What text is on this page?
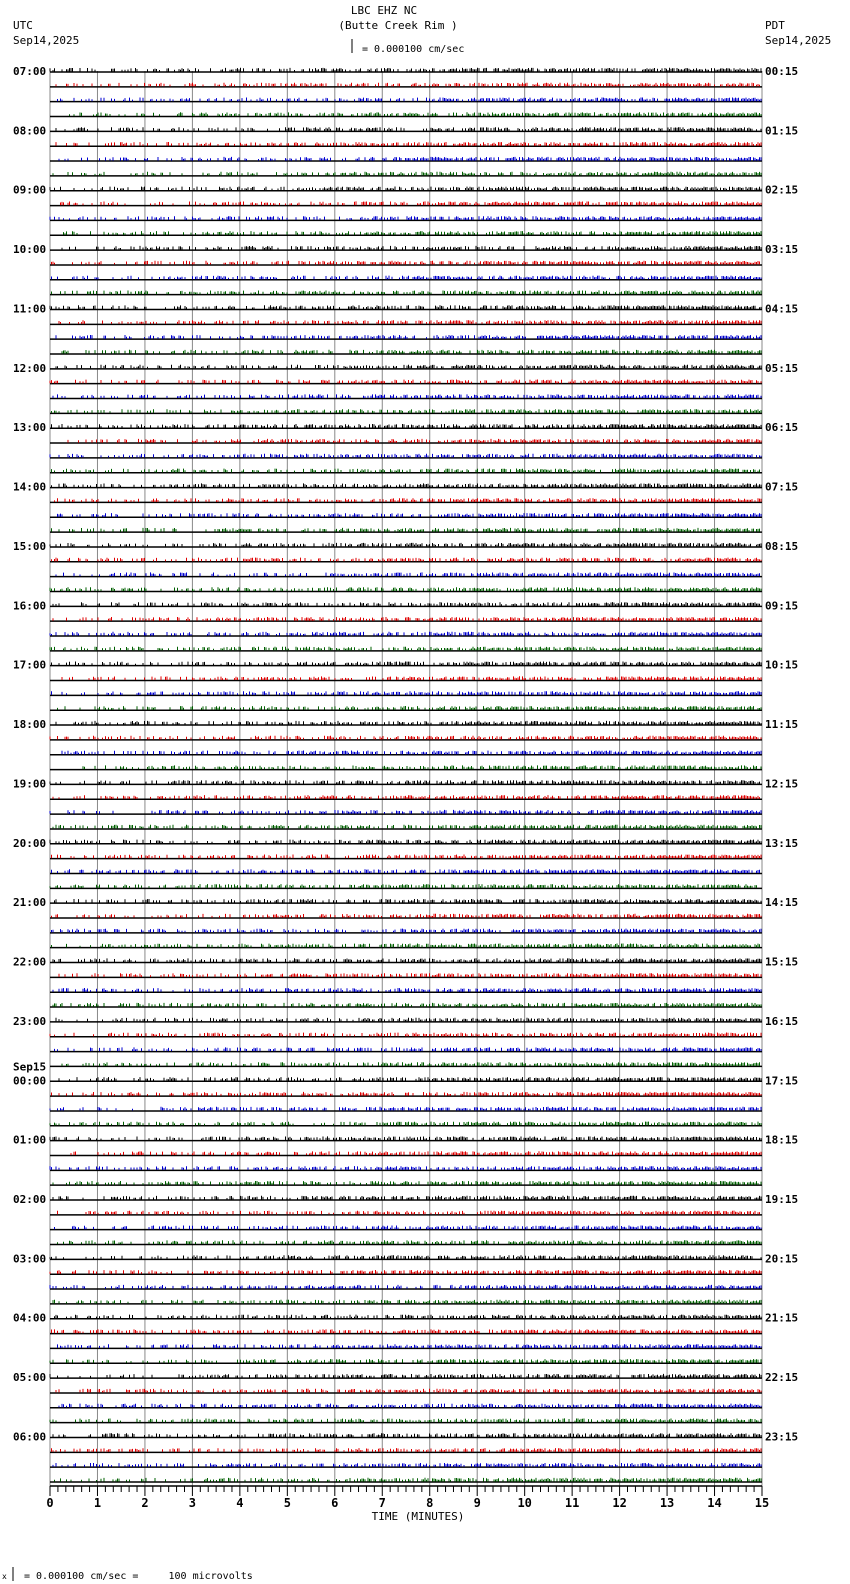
LBC EHZ NC
(Butte Creek Rim )
UTC
Sep14,2025
PDT
Sep14,2025
= 0.000100 cm/sec
07:00
08:00
09:00
10:00
11:00
12:00
13:00
14:00
15:00
16:00
17:00
18:00
19:00
20:00
21:00
22:00
23:00
00:00
01:00
02:00
03:00
04:00
05:00
06:00
Sep15
00:15
01:15
02:15
03:15
04:15
05:15
06:15
07:15
08:15
09:15
10:15
11:15
12:15
13:15
14:15
15:15
16:15
17:15
18:15
19:15
20:15
21:15
22:15
23:15
0	1	2	3	4	5	6	7	8	9	10	11	12	13	14	15
TIME (MINUTES)
x = 0.000100 cm/sec =     100 microvolts
